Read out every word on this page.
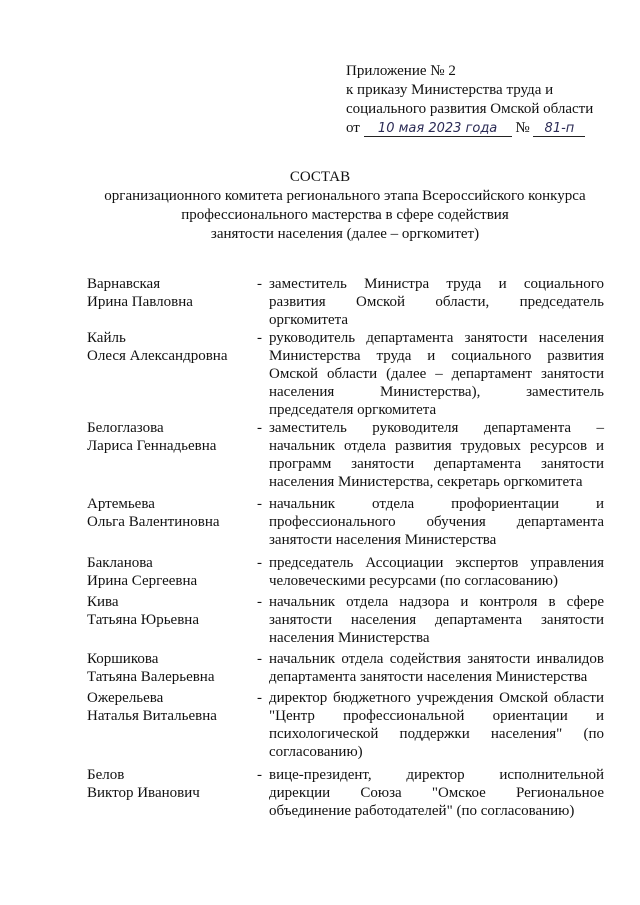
Приложение № 2
к приказу Министерства труда и
социального развития Омской области
от 10 мая 2023 года № 81-п
СОСТАВ
организационного комитета регионального этапа Всероссийского конкурса
профессионального мастерства в сфере содействия
занятости населения (далее – оргкомитет)
Варнавская
Ирина Павловна
- заместитель Министра труда и социального развития Омской области, председатель оргкомитета
Кайль
Олеся Александровна
- руководитель департамента занятости населения Министерства труда и социального развития Омской области (далее – департамент занятости населения Министерства), заместитель председателя оргкомитета
Белоглазова
Лариса Геннадьевна
- заместитель руководителя департамента – начальник отдела развития трудовых ресурсов и программ занятости департамента занятости населения Министерства, секретарь оргкомитета
Артемьева
Ольга Валентиновна
- начальник отдела профориентации и профессионального обучения департамента занятости населения Министерства
Бакланова
Ирина Сергеевна
- председатель Ассоциации экспертов управления человеческими ресурсами (по согласованию)
Кива
Татьяна Юрьевна
- начальник отдела надзора и контроля в сфере занятости населения департамента занятости населения Министерства
Коршикова
Татьяна Валерьевна
- начальник отдела содействия занятости инвалидов департамента занятости населения Министерства
Ожерельева
Наталья Витальевна
- директор бюджетного учреждения Омской области "Центр профессиональной ориентации и психологической поддержки населения" (по согласованию)
Белов
Виктор Иванович
- вице-президент, директор исполнительной дирекции Союза "Омское Региональное объединение работодателей" (по согласованию)
